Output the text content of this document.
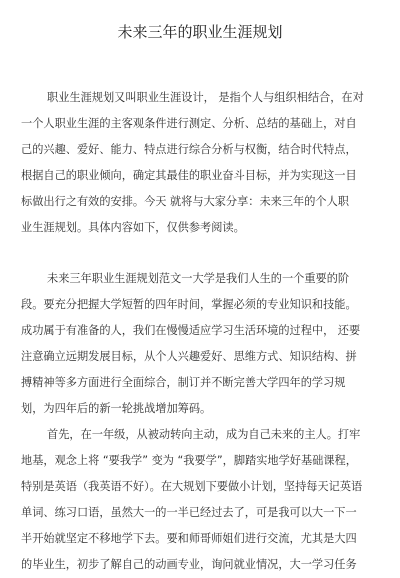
未来三年的职业生涯规划
职业生涯规划又叫职业生涯设计， 是指个人与组织相结合，在对
一个人职业生涯的主客观条件进行测定、分析、总结的基础上，对自
己的兴趣、爱好、能力、特点进行综合分析与权衡，结合时代特点，
根据自己的职业倾向，确定其最佳的职业奋斗目标，并为实现这一目
标做出行之有效的安排。今天 就将与大家分享：未来三年的个人职
业生涯规划。具体内容如下，仅供参考阅读。
未来三年职业生涯规划范文一大学是我们人生的一个重要的阶
段。要充分把握大学短暂的四年时间，掌握必须的专业知识和技能。
成功属于有准备的人，我们在慢慢适应学习生活环境的过程中， 还要
注意确立远期发展目标，从个人兴趣爱好、思维方式、知识结构、拼
搏精神等多方面进行全面综合，制订并不断完善大学四年的学习规
划，为四年后的新一轮挑战增加筹码。
首先，在一年级，从被动转向主动，成为自己未来的主人。打牢
地基，观念上将 “要我学” 变为 “我要学”，脚踏实地学好基础课程，
特别是英语（我英语不好）。在大规划下要做小计划，坚持每天记英语
单词、练习口语，虽然大一的一半已经过去了，可是我可以大一下一
半开始就坚定不移地学下去。要和师哥师姐们进行交流，尤其是大四
的毕业生，初步了解自己的动画专业，询问就业情况，大一学习任务
